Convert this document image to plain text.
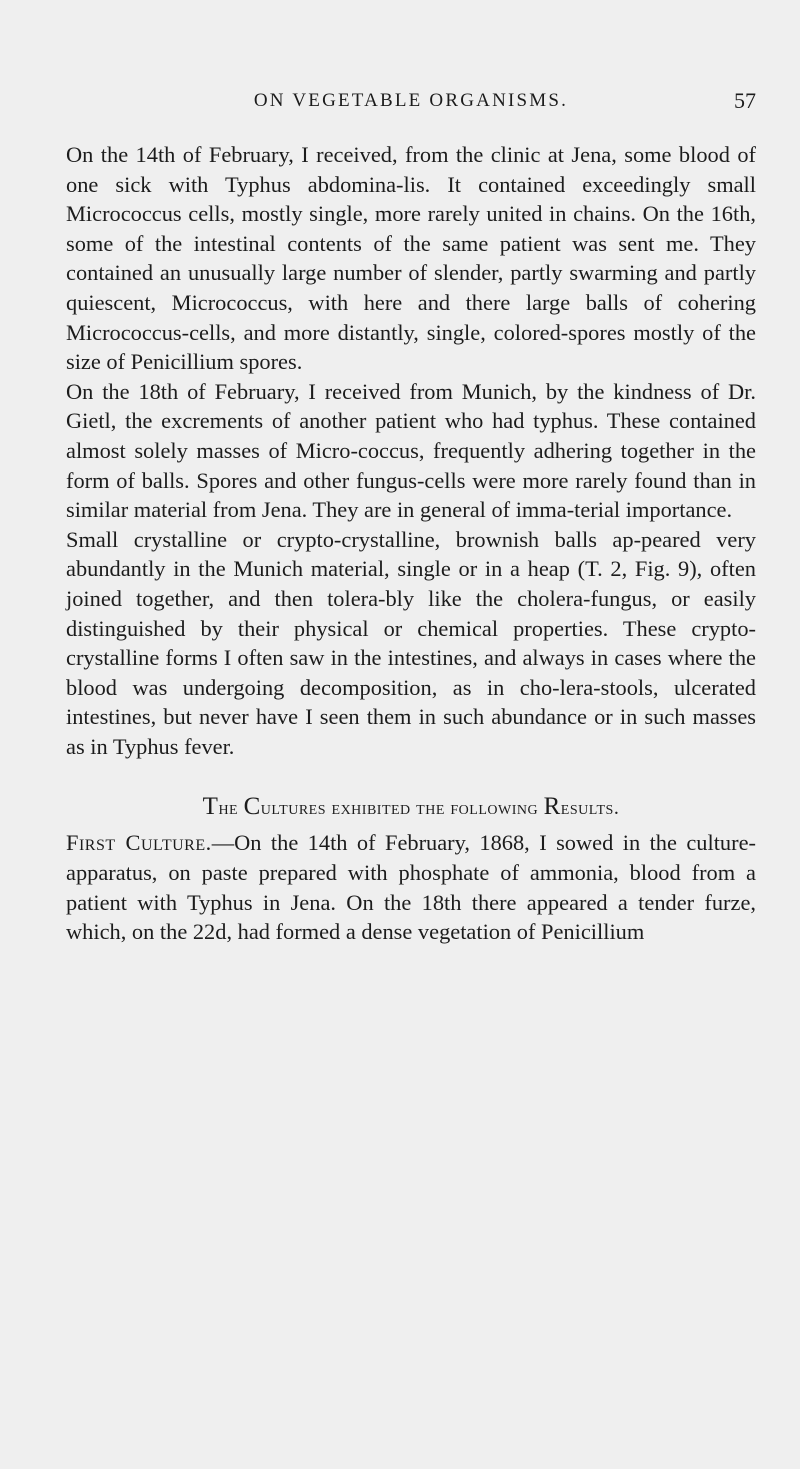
ON VEGETABLE ORGANISMS.	57

On the 14th of February, I received, from the clinic at Jena, some blood of one sick with Typhus abdomina-lis. It contained exceedingly small Micrococcus cells, mostly single, more rarely united in chains. On the 16th, some of the intestinal contents of the same patient was sent me. They contained an unusually large number of slender, partly swarming and partly quiescent, Micrococcus, with here and there large balls of cohering Micrococcus-cells, and more distantly, single, colored-spores mostly of the size of Penicillium spores.

On the 18th of February, I received from Munich, by the kindness of Dr. Gietl, the excrements of another patient who had typhus. These contained almost solely masses of Micro-coccus, frequently adhering together in the form of balls. Spores and other fungus-cells were more rarely found than in similar material from Jena. They are in general of imma-terial importance.

Small crystalline or crypto-crystalline, brownish balls ap-peared very abundantly in the Munich material, single or in a heap (T. 2, Fig. 9), often joined together, and then tolera-bly like the cholera-fungus, or easily distinguished by their physical or chemical properties. These crypto-crystalline forms I often saw in the intestines, and always in cases where the blood was undergoing decomposition, as in cho-lera-stools, ulcerated intestines, but never have I seen them in such abundance or in such masses as in Typhus fever.

The Cultures exhibited the following Results.

First Culture.—On the 14th of February, 1868, I sowed in the culture-apparatus, on paste prepared with phosphate of ammonia, blood from a patient with Typhus in Jena. On the 18th there appeared a tender furze, which, on the 22d, had formed a dense vegetation of Penicillium
